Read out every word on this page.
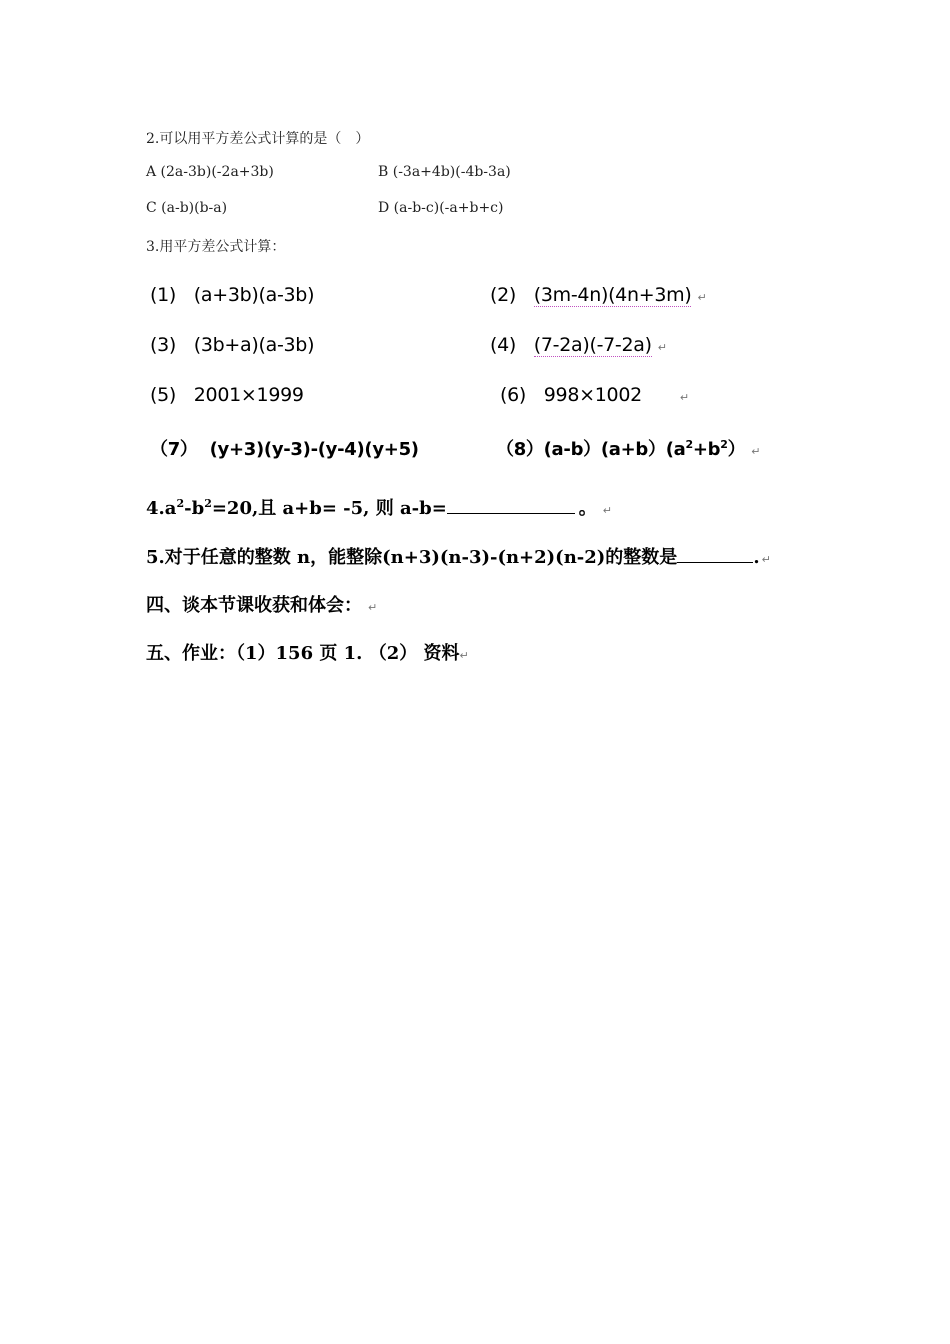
2.可以用平方差公式计算的是（　）
A (2a-3b)(-2a+3b)	B (-3a+4b)(-4b-3a)
C (a-b)(b-a)	D (a-b-c)(-a+b+c)
3.用平方差公式计算：
(1) (a+3b)(a-3b)	(2) (3m-4n)(4n+3m) ↵
(3) (3b+a)(a-3b)	(4) (7-2a)(-7-2a) ↵
(5) 2001×1999	(6) 998×1002	↵
（7） (y+3)(y-3)-(y-4)(y+5)	$(8)(a-b)(a+b)(a^2+b^2)$ ↵
$4.a^2-b^2=20$,且 a+b= -5, 则 a-b=	。 ↵
5.对于任意的整数 n，能整除(n+3)(n-3)-(n+2)(n-2)的整数是	. ↵
四、谈本节课收获和体会： ↵
五、作业：（1）156 页 1. （2） 资料↵
